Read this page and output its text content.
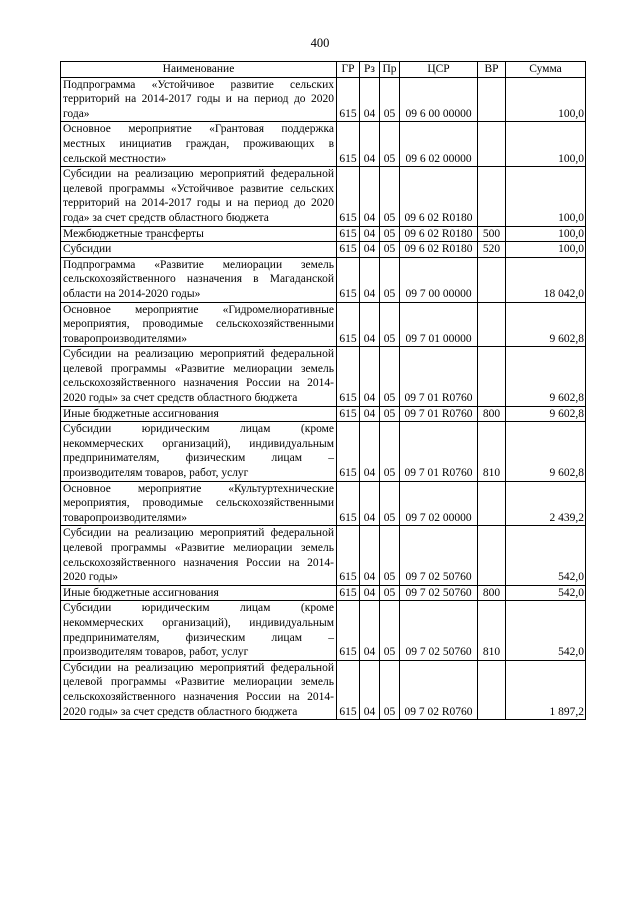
400
Наименование	ГР	Рз	Пр	ЦСР	ВР	Сумма
Подпрограмма «Устойчивое развитие сельских территорий на 2014-2017 годы и на период до 2020 года»	615	04	05	09 6 00 00000		100,0
Основное мероприятие «Грантовая поддержка местных инициатив граждан, проживающих в сельской местности»	615	04	05	09 6 02 00000		100,0
Субсидии на реализацию мероприятий федеральной целевой программы «Устойчивое развитие сельских территорий на 2014-2017 годы и на период до 2020 года» за счет средств областного бюджета	615	04	05	09 6 02 R0180		100,0
Межбюджетные трансферты	615	04	05	09 6 02 R0180	500	100,0
Субсидии	615	04	05	09 6 02 R0180	520	100,0
Подпрограмма «Развитие мелиорации земель сельскохозяйственного назначения в Магаданской области на 2014-2020 годы»	615	04	05	09 7 00 00000		18 042,0
Основное мероприятие «Гидромелиоративные мероприятия, проводимые сельскохозяйственными товаропроизводителями»	615	04	05	09 7 01 00000		9 602,8
Субсидии на реализацию мероприятий федеральной целевой программы «Развитие мелиорации земель сельскохозяйственного назначения России на 2014-2020 годы» за счет средств областного бюджета	615	04	05	09 7 01 R0760		9 602,8
Иные бюджетные ассигнования	615	04	05	09 7 01 R0760	800	9 602,8
Субсидии юридическим лицам (кроме некоммерческих организаций), индивидуальным предпринимателям, физическим лицам – производителям товаров, работ, услуг	615	04	05	09 7 01 R0760	810	9 602,8
Основное мероприятие «Культуртехнические мероприятия, проводимые сельскохозяйственными товаропроизводителями»	615	04	05	09 7 02 00000		2 439,2
Субсидии на реализацию мероприятий федеральной целевой программы «Развитие мелиорации земель сельскохозяйственного назначения России на 2014-2020 годы»	615	04	05	09 7 02 50760		542,0
Иные бюджетные ассигнования	615	04	05	09 7 02 50760	800	542,0
Субсидии юридическим лицам (кроме некоммерческих организаций), индивидуальным предпринимателям, физическим лицам – производителям товаров, работ, услуг	615	04	05	09 7 02 50760	810	542,0
Субсидии на реализацию мероприятий федеральной целевой программы «Развитие мелиорации земель сельскохозяйственного назначения России на 2014-2020 годы» за счет средств областного бюджета	615	04	05	09 7 02 R0760		1 897,2
